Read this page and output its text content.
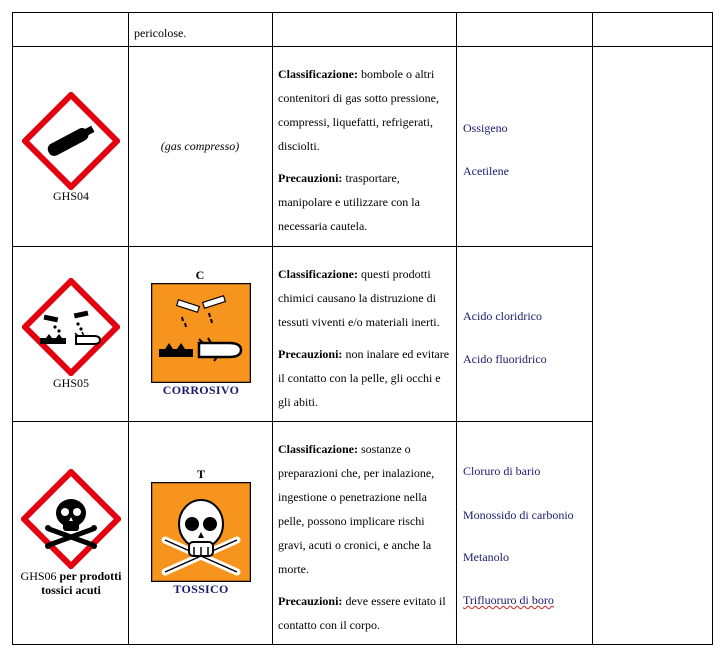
pericolose.
GHS04
(gas compresso)

Classificazione: bombole o altri contenitori di gas sotto pressione, compressi, liquefatti, refrigerati, disciolti.

Precauzioni: trasportare, manipolare e utilizzare con la necessaria cautela.

Ossigeno
Acetilene
GHS05
C
CORROSIVO

Classificazione: questi prodotti chimici causano la distruzione di tessuti viventi e/o materiali inerti.

Precauzioni: non inalare ed evitare il contatto con la pelle, gli occhi e gli abiti.

Acido cloridrico
Acido fluoridrico
GHS06 per prodotti tossici acuti
T
TOSSICO

Classificazione: sostanze o preparazioni che, per inalazione, ingestione o penetrazione nella pelle, possono implicare rischi gravi, acuti o cronici, e anche la morte.

Precauzioni: deve essere evitato il contatto con il corpo.

Cloruro di bario
Monossido di carbonio
Metanolo
Trifluoruro di boro
